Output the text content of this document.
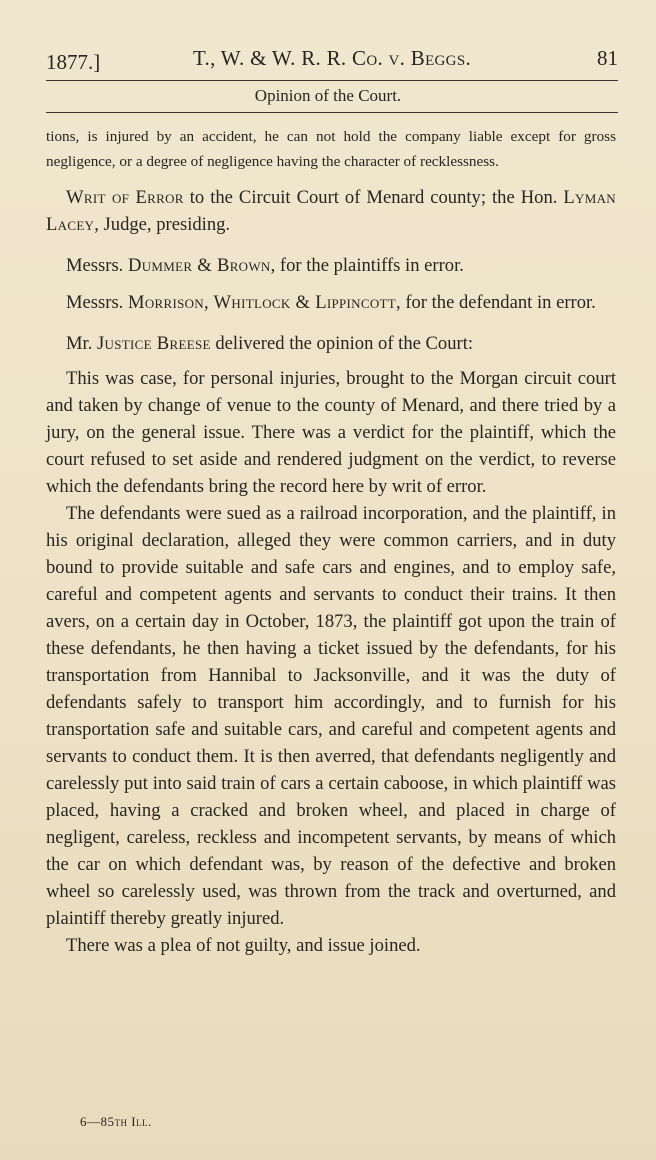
1877.]	T., W. & W. R. R. Co. v. Beggs.	81
Opinion of the Court.

tions, is injured by an accident, he can not hold the company liable except for gross negligence, or a degree of negligence having the character of recklessness.

Writ of Error to the Circuit Court of Menard county; the Hon. Lyman Lacey, Judge, presiding.

Messrs. Dummer & Brown, for the plaintiffs in error.

Messrs. Morrison, Whitlock & Lippincott, for the defendant in error.

Mr. Justice Breese delivered the opinion of the Court:

This was case, for personal injuries, brought to the Morgan circuit court and taken by change of venue to the county of Menard, and there tried by a jury, on the general issue. There was a verdict for the plaintiff, which the court refused to set aside and rendered judgment on the verdict, to reverse which the defendants bring the record here by writ of error.

The defendants were sued as a railroad incorporation, and the plaintiff, in his original declaration, alleged they were common carriers, and in duty bound to provide suitable and safe cars and engines, and to employ safe, careful and competent agents and servants to conduct their trains. It then avers, on a certain day in October, 1873, the plaintiff got upon the train of these defendants, he then having a ticket issued by the defendants, for his transportation from Hannibal to Jacksonville, and it was the duty of defendants safely to transport him accordingly, and to furnish for his transportation safe and suitable cars, and careful and competent agents and servants to conduct them. It is then averred, that defendants negligently and carelessly put into said train of cars a certain caboose, in which plaintiff was placed, having a cracked and broken wheel, and placed in charge of negligent, careless, reckless and incompetent servants, by means of which the car on which defendant was, by reason of the defective and broken wheel so carelessly used, was thrown from the track and overturned, and plaintiff thereby greatly injured.

There was a plea of not guilty, and issue joined.

6—85th Ill.
